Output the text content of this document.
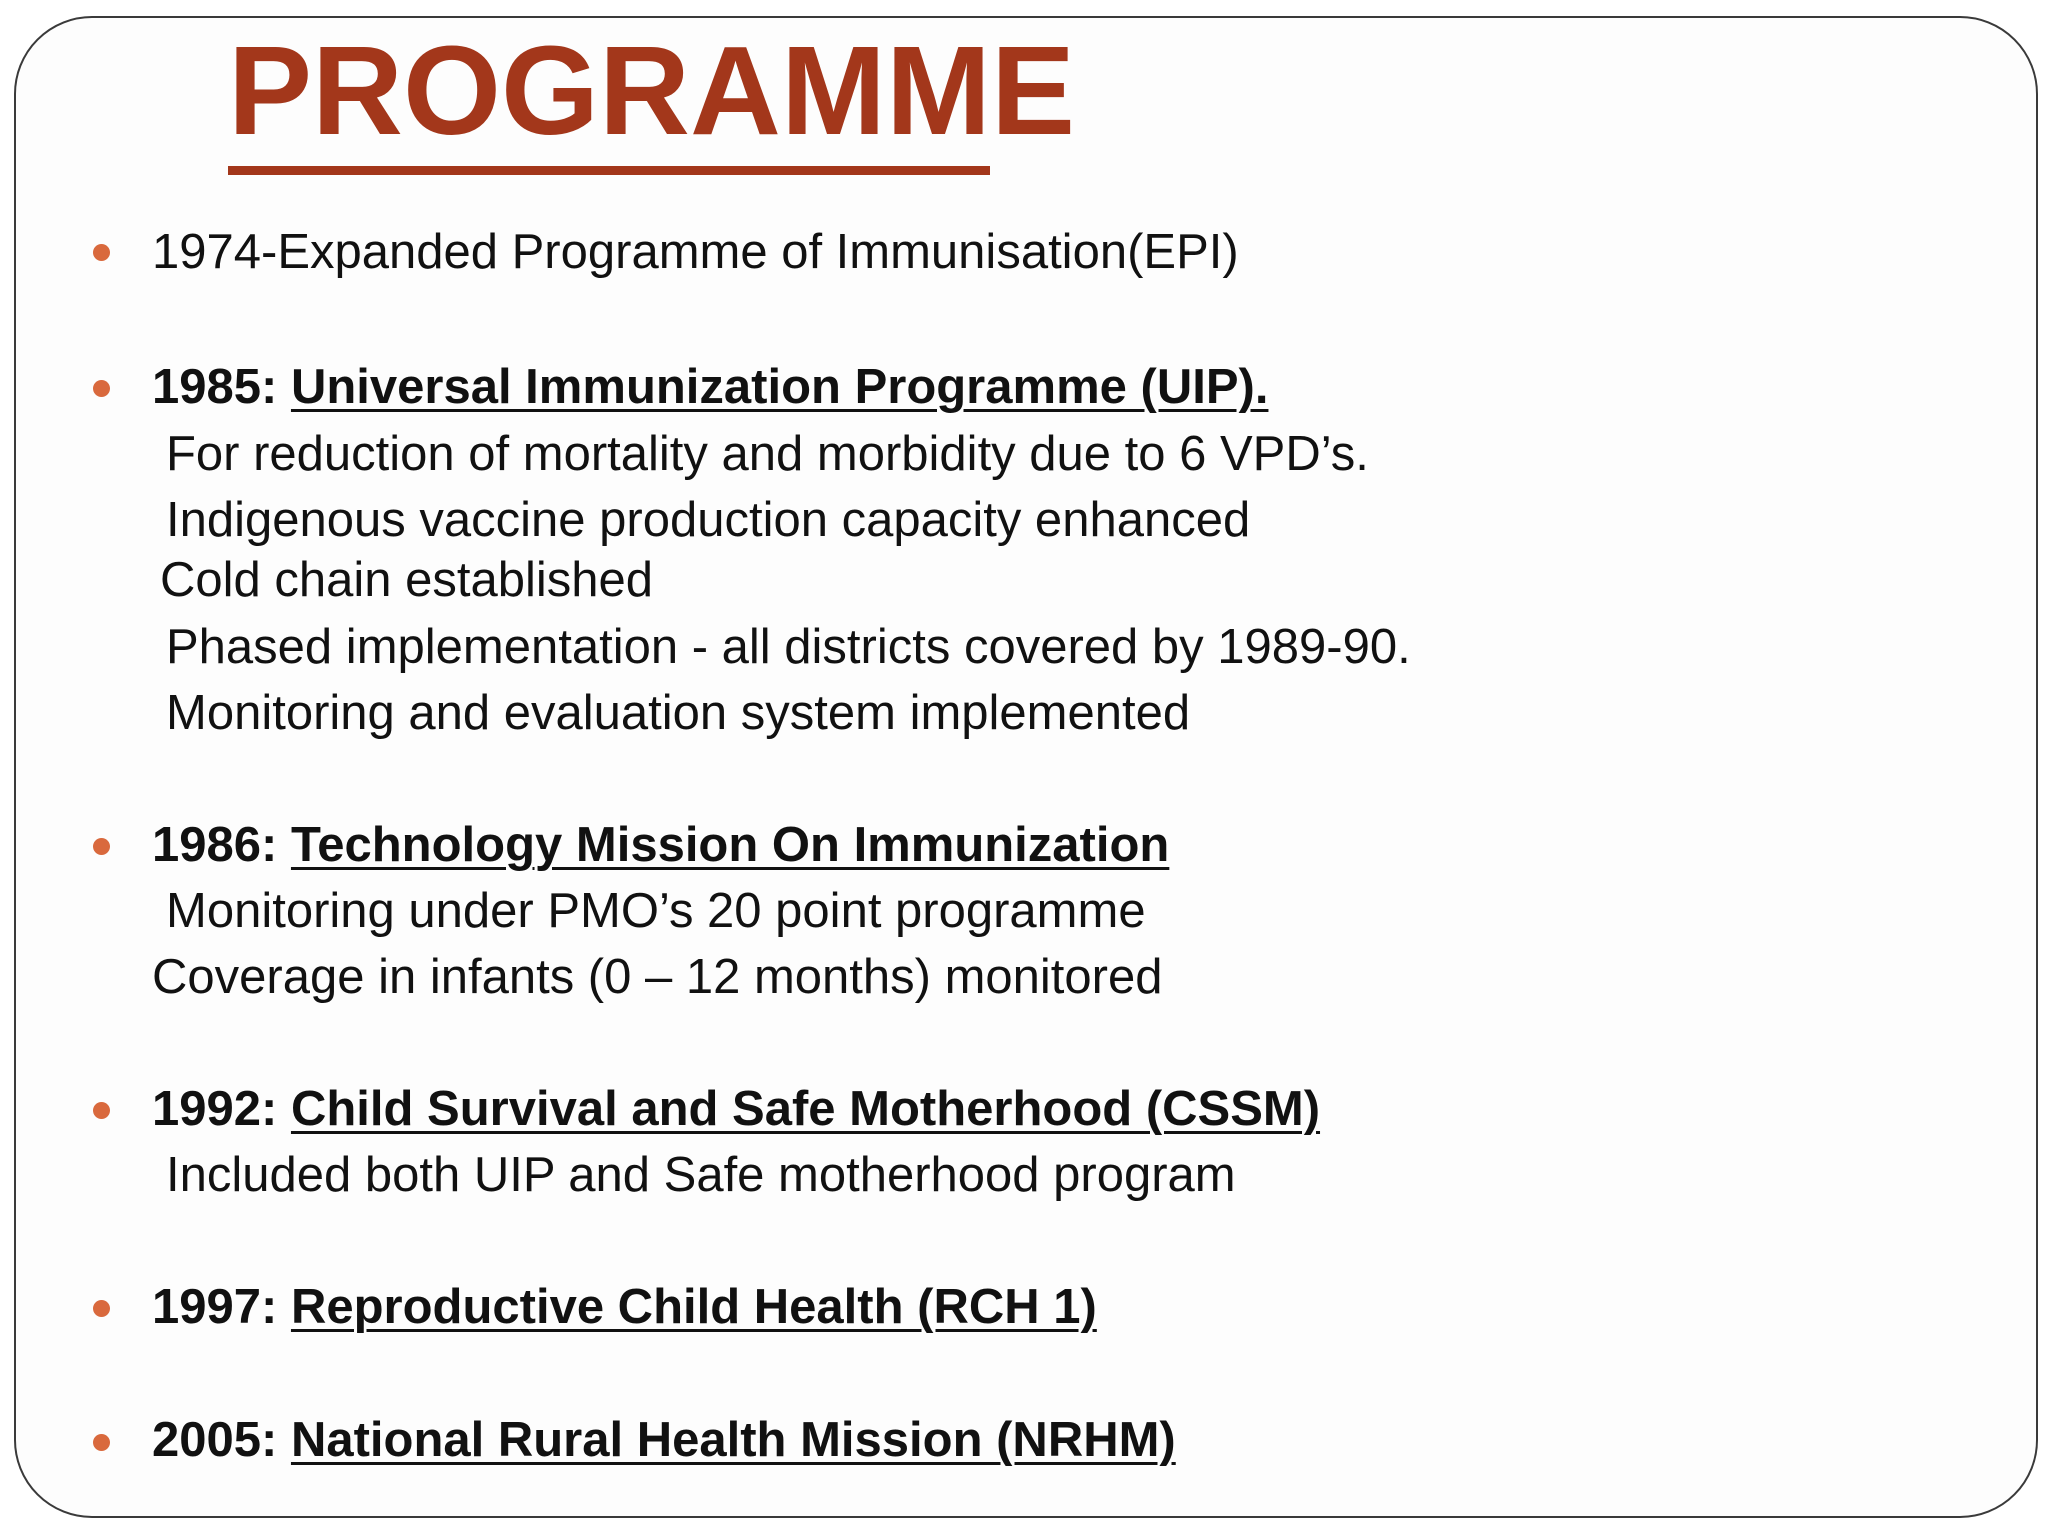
PROGRAMME
1974-Expanded Programme of Immunisation(EPI)
1985: Universal Immunization Programme (UIP).
For reduction of mortality and morbidity due to 6 VPD’s.
Indigenous vaccine production capacity enhanced
Cold chain established
Phased implementation - all districts covered by 1989-90.
Monitoring and evaluation system implemented
1986: Technology Mission On Immunization
Monitoring under PMO’s 20 point programme
Coverage in infants (0 – 12 months) monitored
1992: Child Survival and Safe Motherhood (CSSM)
Included both UIP and Safe motherhood program
1997: Reproductive Child Health (RCH 1)
2005: National Rural Health Mission (NRHM)
